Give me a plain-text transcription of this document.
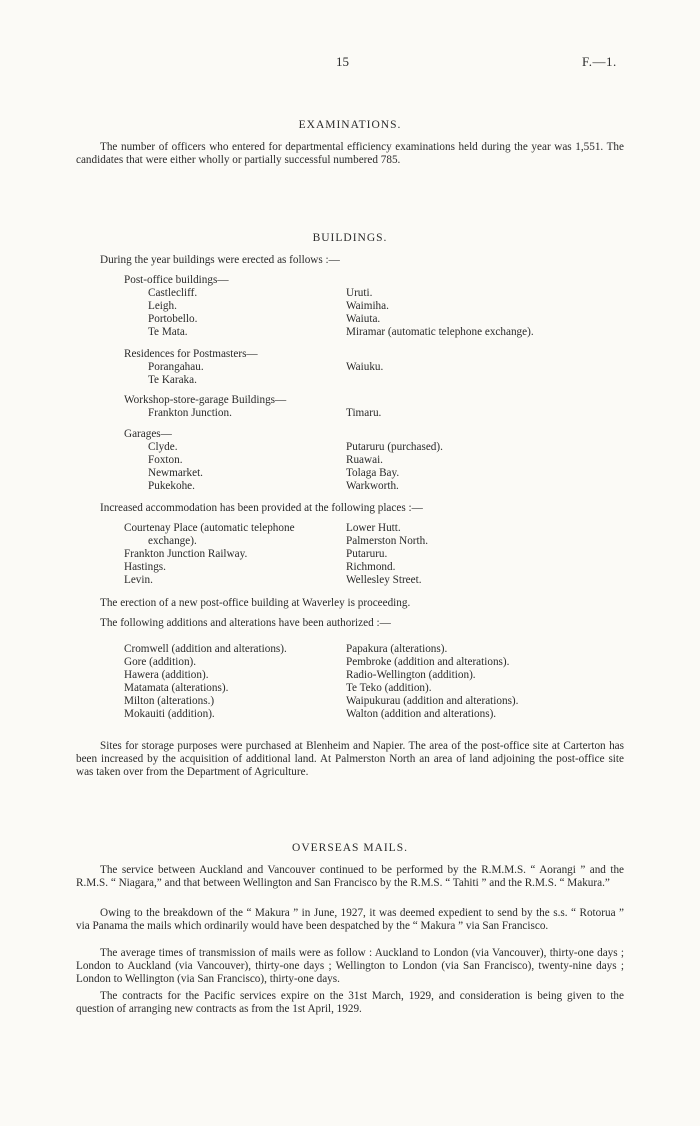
15	F.—1.
EXAMINATIONS.
The number of officers who entered for departmental efficiency examinations held during the year was 1,551. The candidates that were either wholly or partially successful numbered 785.
BUILDINGS.
During the year buildings were erected as follows :—
Post-office buildings—
Castlecliff.
Leigh.
Portobello.
Te Mata.
Uruti.
Waimiha.
Waiuta.
Miramar (automatic telephone exchange).
Residences for Postmasters—
Porangahau.
Te Karaka.
Waiuku.
Workshop-store-garage Buildings—
Frankton Junction.	Timaru.
Garages—
Clyde.
Foxton.
Newmarket.
Pukekohe.
Putaruru (purchased).
Ruawai.
Tolaga Bay.
Warkworth.
Increased accommodation has been provided at the following places :—
Courtenay Place (automatic telephone
exchange).
Frankton Junction Railway.
Hastings.
Levin.
Lower Hutt.
Palmerston North.
Putaruru.
Richmond.
Wellesley Street.
The erection of a new post-office building at Waverley is proceeding.
The following additions and alterations have been authorized :—
Cromwell (addition and alterations).
Gore (addition).
Hawera (addition).
Matamata (alterations).
Milton (alterations.)
Mokauiti (addition).
Papakura (alterations).
Pembroke (addition and alterations).
Radio-Wellington (addition).
Te Teko (addition).
Waipukurau (addition and alterations).
Walton (addition and alterations).
Sites for storage purposes were purchased at Blenheim and Napier. The area of the post-office site at Carterton has been increased by the acquisition of additional land. At Palmerston North an area of land adjoining the post-office site was taken over from the Department of Agriculture.
OVERSEAS MAILS.
The service between Auckland and Vancouver continued to be performed by the R.M.M.S. “ Aorangi ” and the R.M.S. “ Niagara,” and that between Wellington and San Francisco by the R.M.S. “ Tahiti ” and the R.M.S. “ Makura.”
Owing to the breakdown of the “ Makura ” in June, 1927, it was deemed expedient to send by the s.s. “ Rotorua ” via Panama the mails which ordinarily would have been despatched by the “ Makura ” via San Francisco.
The average times of transmission of mails were as follow : Auckland to London (via Vancouver), thirty-one days ; London to Auckland (via Vancouver), thirty-one days ; Wellington to London (via San Francisco), twenty-nine days ; London to Wellington (via San Francisco), thirty-one days.
The contracts for the Pacific services expire on the 31st March, 1929, and consideration is being given to the question of arranging new contracts as from the 1st April, 1929.
